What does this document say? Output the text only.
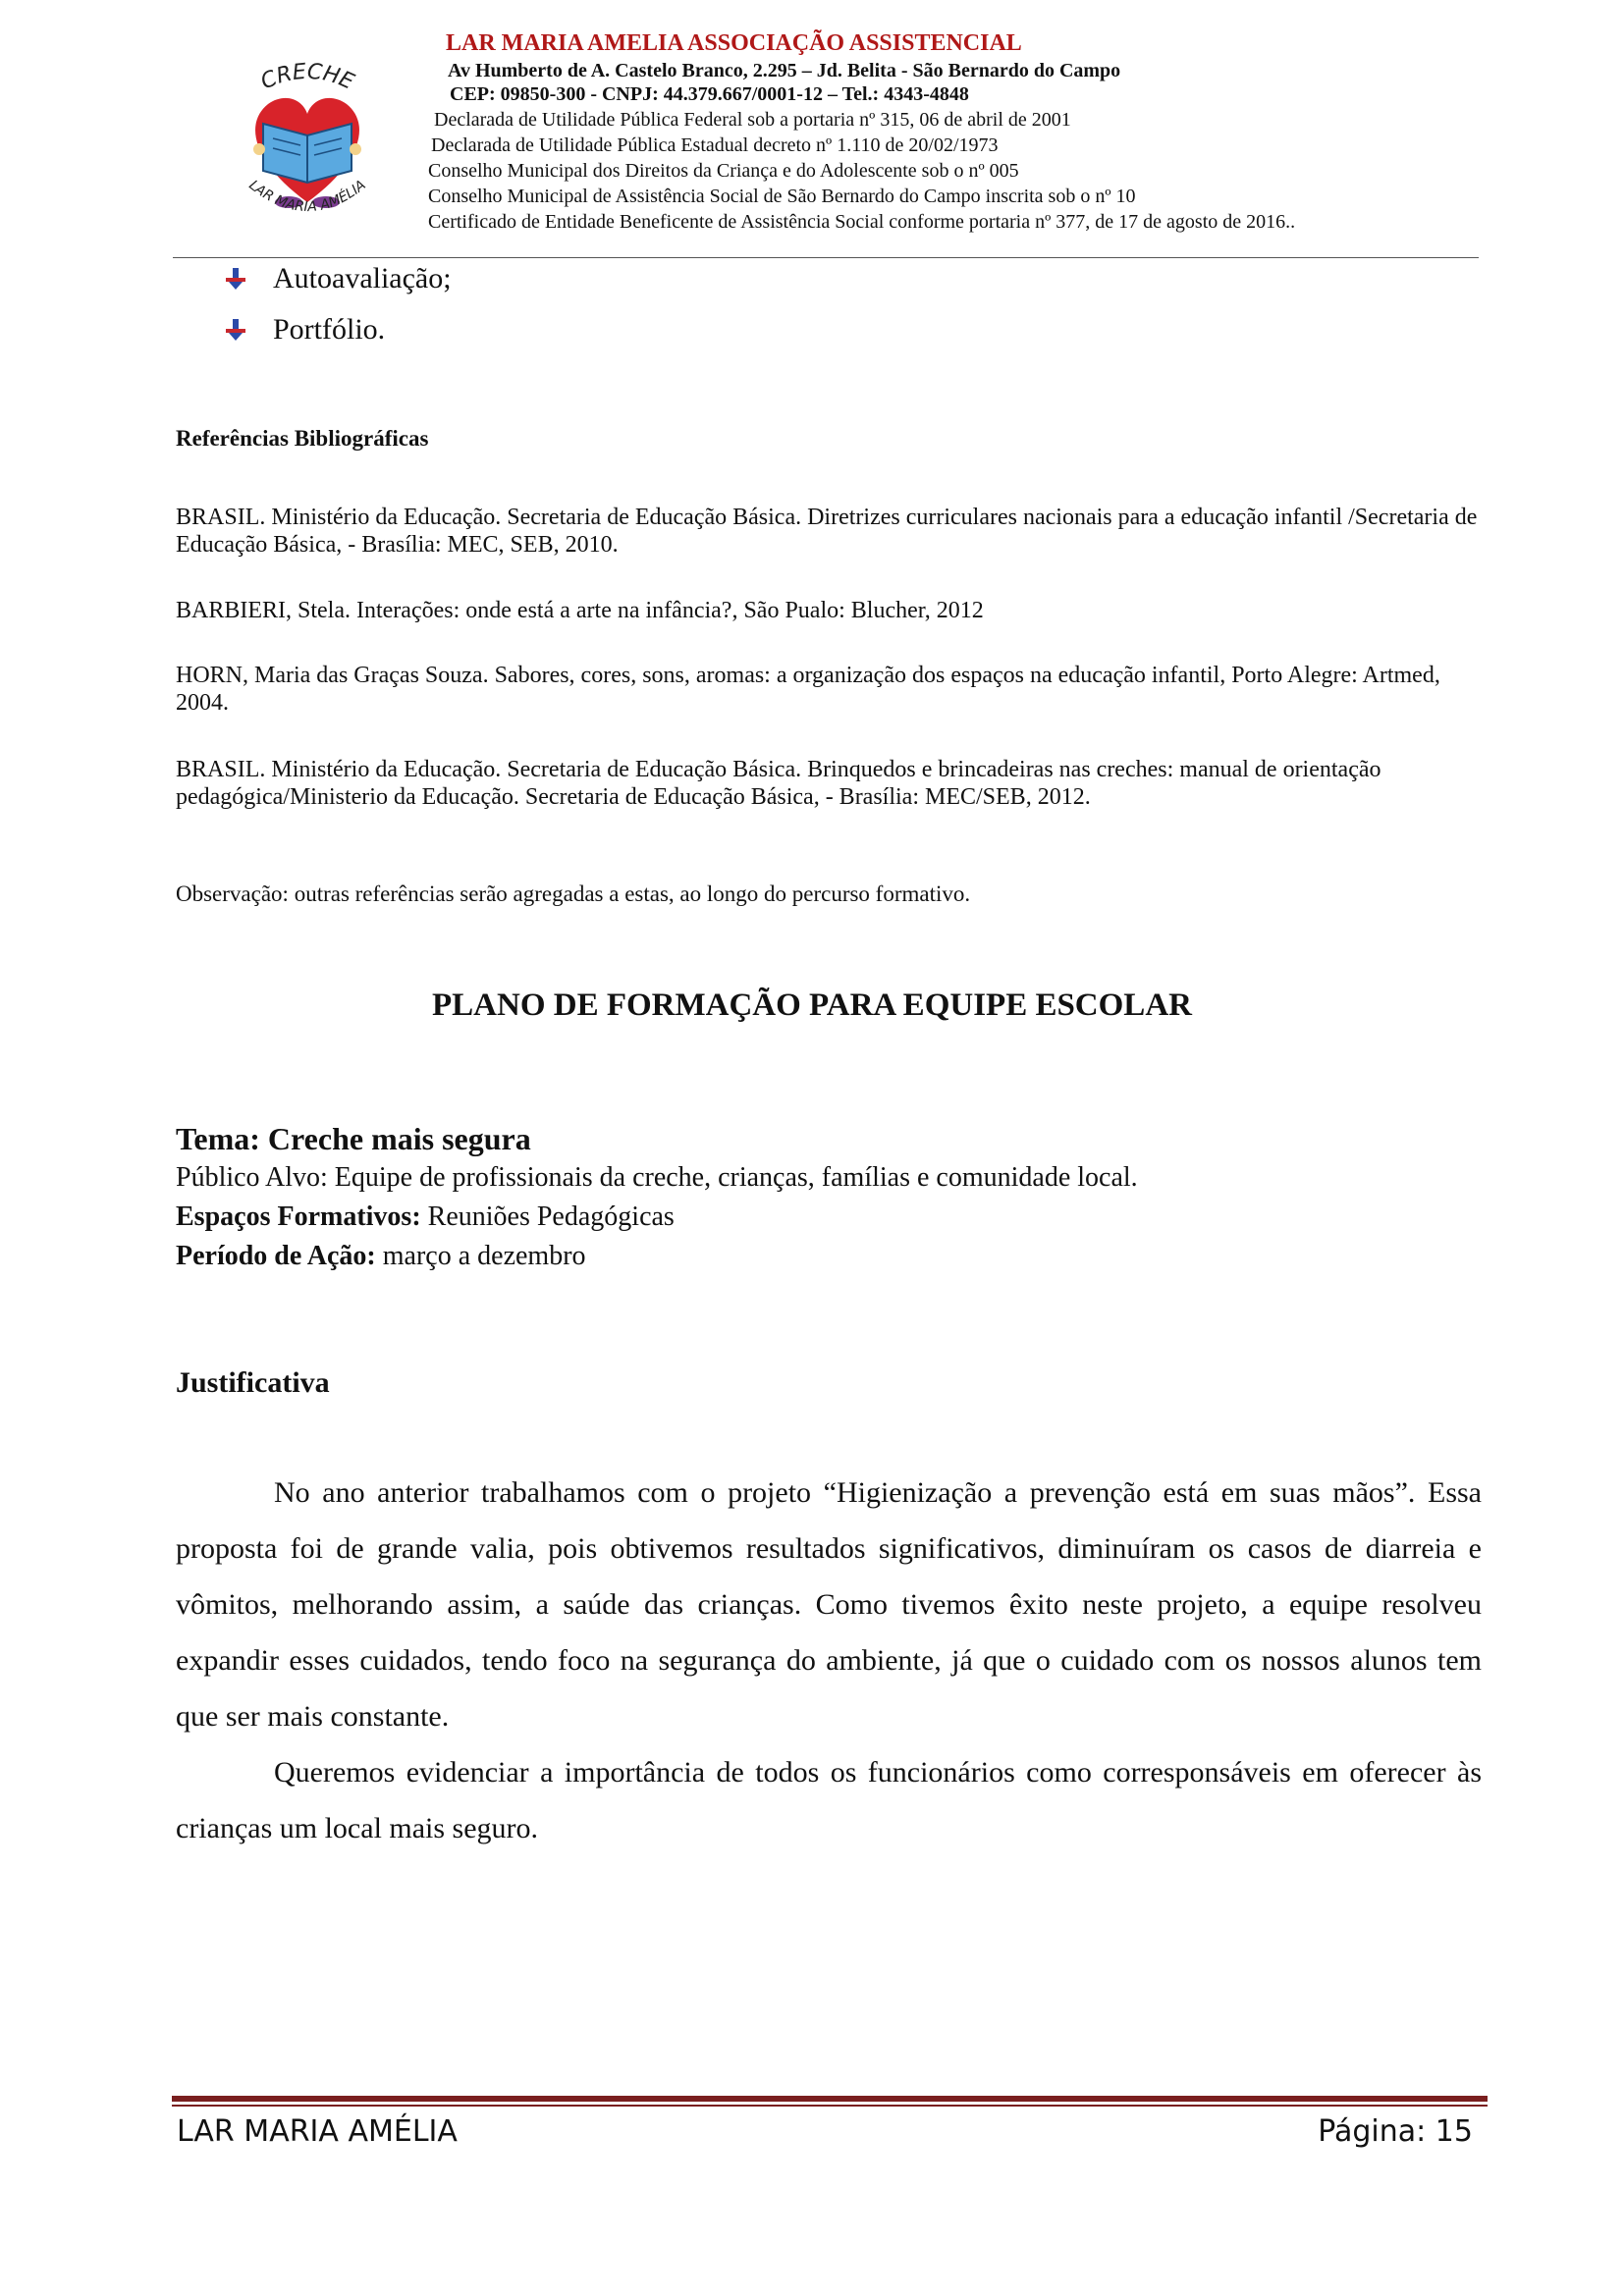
CRECHE
LAR MARIA AMÉLIA
LAR MARIA AMELIA ASSOCIAÇÃO ASSISTENCIAL
Av Humberto de A. Castelo Branco, 2.295 – Jd. Belita - São Bernardo do Campo
CEP: 09850-300 - CNPJ: 44.379.667/0001-12 – Tel.: 4343-4848
Declarada de Utilidade Pública Federal sob a portaria nº 315, 06 de abril de 2001
Declarada de Utilidade Pública Estadual decreto nº 1.110 de 20/02/1973
Conselho Municipal dos Direitos da Criança e do Adolescente sob o nº 005
Conselho Municipal de Assistência Social de São Bernardo do Campo inscrita sob o nº 10
Certificado de Entidade Beneficente de Assistência Social conforme portaria nº 377, de 17 de agosto de 2016..
Autoavaliação;
Portfólio.
Referências Bibliográficas
BRASIL. Ministério da Educação. Secretaria de Educação Básica. Diretrizes curriculares nacionais para a educação infantil /Secretaria de Educação Básica, - Brasília: MEC, SEB, 2010.
BARBIERI, Stela. Interações: onde está a arte na infância?, São Pualo: Blucher, 2012
HORN, Maria das Graças Souza. Sabores, cores, sons, aromas: a organização dos espaços na educação infantil, Porto Alegre: Artmed, 2004.
BRASIL. Ministério da Educação. Secretaria de Educação Básica. Brinquedos e brincadeiras nas creches: manual de orientação pedagógica/Ministerio da Educação. Secretaria de Educação Básica, - Brasília: MEC/SEB, 2012.
Observação: outras referências serão agregadas a estas, ao longo do percurso formativo.
PLANO DE FORMAÇÃO PARA EQUIPE ESCOLAR
Tema: Creche mais segura
Público Alvo: Equipe de profissionais da creche, crianças, famílias e comunidade local.
Espaços Formativos: Reuniões Pedagógicas
Período de Ação: março a dezembro
Justificativa
No ano anterior trabalhamos com o projeto “Higienização a prevenção está em suas mãos”. Essa proposta foi de grande valia, pois obtivemos resultados significativos, diminuíram os casos de diarreia e vômitos, melhorando assim, a saúde das crianças. Como tivemos êxito neste projeto, a equipe resolveu expandir esses cuidados, tendo foco na segurança do ambiente, já que o cuidado com os nossos alunos tem que ser mais constante.
Queremos evidenciar a importância de todos os funcionários como corresponsáveis em oferecer às crianças um local mais seguro.
LAR MARIA AMÉLIA	Página: 15
